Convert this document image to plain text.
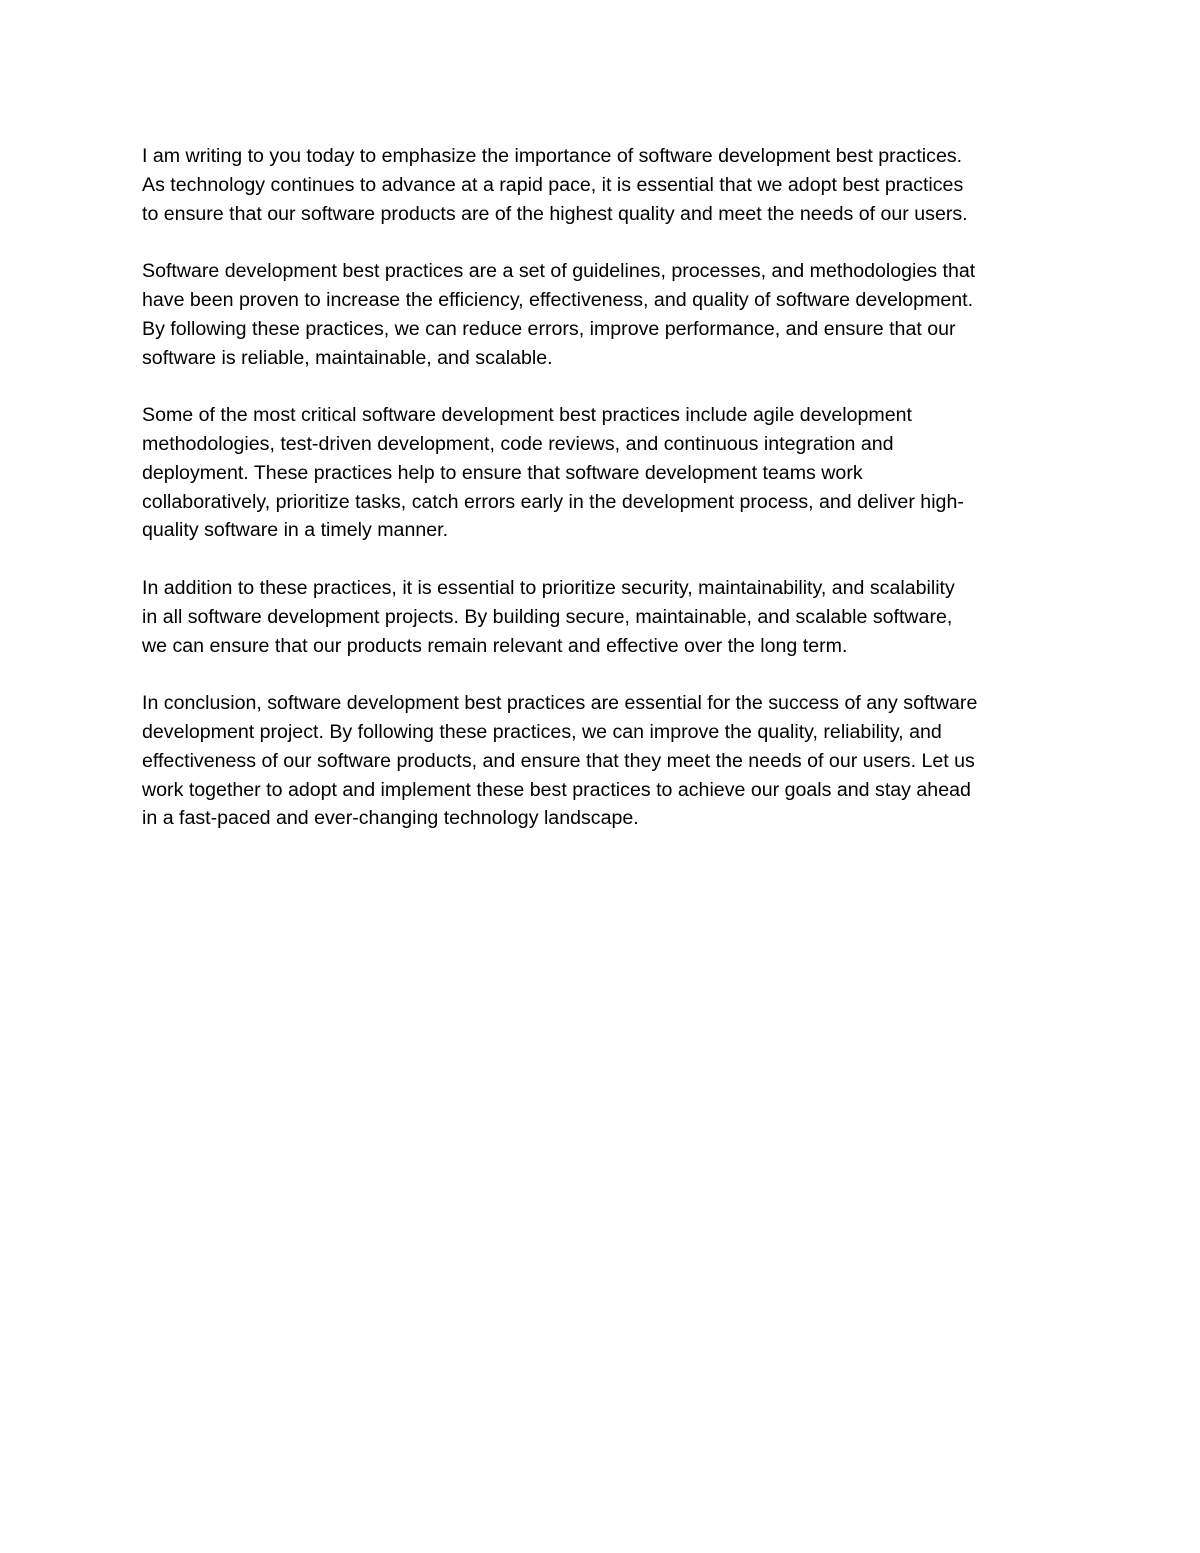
I am writing to you today to emphasize the importance of software development best practices.
As technology continues to advance at a rapid pace, it is essential that we adopt best practices
to ensure that our software products are of the highest quality and meet the needs of our users.

Software development best practices are a set of guidelines, processes, and methodologies that
have been proven to increase the efficiency, effectiveness, and quality of software development.
By following these practices, we can reduce errors, improve performance, and ensure that our
software is reliable, maintainable, and scalable.

Some of the most critical software development best practices include agile development
methodologies, test-driven development, code reviews, and continuous integration and
deployment. These practices help to ensure that software development teams work
collaboratively, prioritize tasks, catch errors early in the development process, and deliver high-
quality software in a timely manner.

In addition to these practices, it is essential to prioritize security, maintainability, and scalability
in all software development projects. By building secure, maintainable, and scalable software,
we can ensure that our products remain relevant and effective over the long term.

In conclusion, software development best practices are essential for the success of any software
development project. By following these practices, we can improve the quality, reliability, and
effectiveness of our software products, and ensure that they meet the needs of our users. Let us
work together to adopt and implement these best practices to achieve our goals and stay ahead
in a fast-paced and ever-changing technology landscape.
